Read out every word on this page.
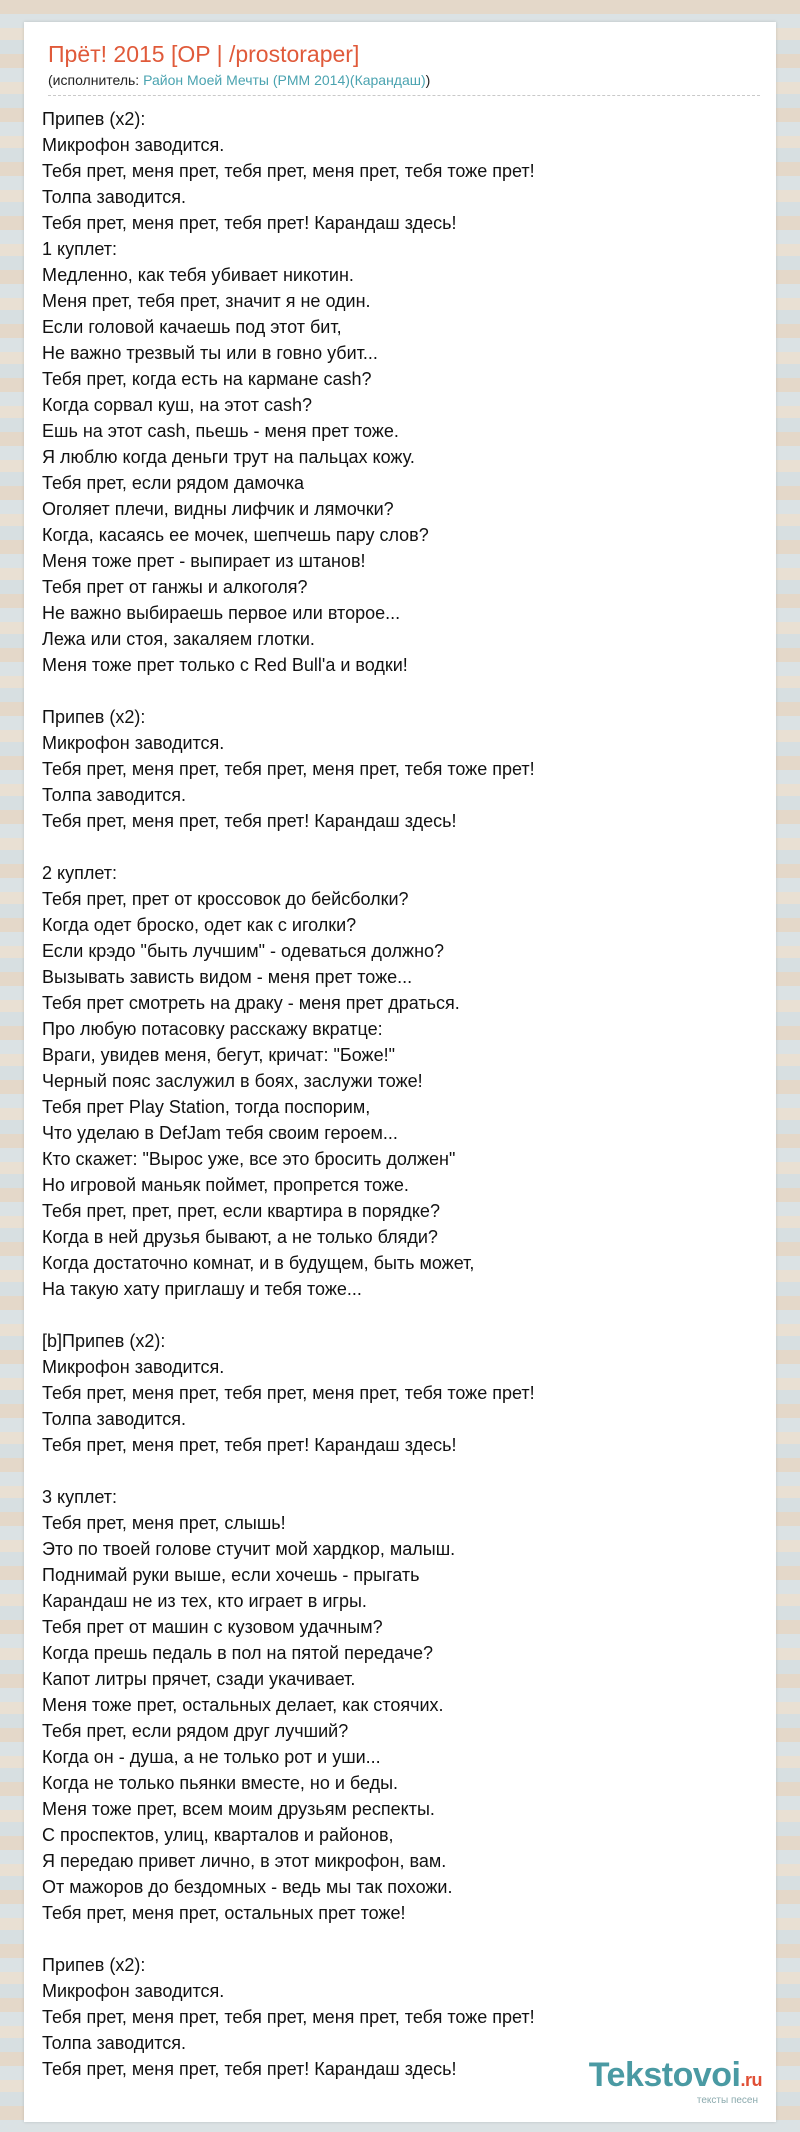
Прёт! 2015 [OP | /prostoraper]
(исполнитель: Район Моей Мечты (PMM 2014)(Карандаш))
Припев (x2):
Микрофон заводится.
Тебя прет, меня прет, тебя прет, меня прет, тебя тоже прет!
Толпа заводится.
Тебя прет, меня прет, тебя прет! Карандаш здесь!
1 куплет:
Медленно, как тебя убивает никотин.
Меня прет, тебя прет, значит я не один.
Если головой качаешь под этот бит,
Не важно трезвый ты или в говно убит...
Тебя прет, когда есть на кармане cash?
Когда сорвал куш, на этот cash?
Ешь на этот cash, пьешь - меня прет тоже.
Я люблю когда деньги трут на пальцах кожу.
Тебя прет, если рядом дамочка
Оголяет плечи, видны лифчик и лямочки?
Когда, касаясь ее мочек, шепчешь пару слов?
Меня тоже прет - выпирает из штанов!
Тебя прет от ганжы и алкоголя?
Не важно выбираешь первое или второе...
Лежа или стоя, закаляем глотки.
Меня тоже прет только с Red Bull'a и водки!

Припев (x2):
Микрофон заводится.
Тебя прет, меня прет, тебя прет, меня прет, тебя тоже прет!
Толпа заводится.
Тебя прет, меня прет, тебя прет! Карандаш здесь!

2 куплет:
Тебя прет, прет от кроссовок до бейсболки?
Когда одет броско, одет как с иголки?
Если крэдо "быть лучшим" - одеваться должно?
Вызывать зависть видом - меня прет тоже...
Тебя прет смотреть на драку - меня прет драться.
Про любую потасовку расскажу вкратце:
Враги, увидев меня, бегут, кричат: "Боже!"
Черный пояс заслужил в боях, заслужи тоже!
Тебя прет Play Station, тогда поспорим,
Что уделаю в DefJam тебя своим героем...
Кто скажет: "Вырос уже, все это бросить должен"
Но игровой маньяк поймет, пропрется тоже.
Тебя прет, прет, прет, если квартира в порядке?
Когда в ней друзья бывают, а не только бляди?
Когда достаточно комнат, и в будущем, быть может,
На такую хату приглашу и тебя тоже...

[b]Припев (x2):
Микрофон заводится.
Тебя прет, меня прет, тебя прет, меня прет, тебя тоже прет!
Толпа заводится.
Тебя прет, меня прет, тебя прет! Карандаш здесь!

3 куплет:
Тебя прет, меня прет, слышь!
Это по твоей голове стучит мой хардкор, малыш.
Поднимай руки выше, если хочешь - прыгать
Карандаш не из тех, кто играет в игры.
Тебя прет от машин с кузовом удачным?
Когда прешь педаль в пол на пятой передаче?
Капот литры прячет, сзади укачивает.
Меня тоже прет, остальных делает, как стоячих.
Тебя прет, если рядом друг лучший?
Когда он - душа, а не только рот и уши...
Когда не только пьянки вместе, но и беды.
Меня тоже прет, всем моим друзьям респекты.
С проспектов, улиц, кварталов и районов,
Я передаю привет лично, в этот микрофон, вам.
От мажоров до бездомных - ведь мы так похожи.
Тебя прет, меня прет, остальных прет тоже!

Припев (x2):
Микрофон заводится.
Тебя прет, меня прет, тебя прет, меня прет, тебя тоже прет!
Толпа заводится.
Тебя прет, меня прет, тебя прет! Карандаш здесь!	Tekstovoi.ru
тексты песен
